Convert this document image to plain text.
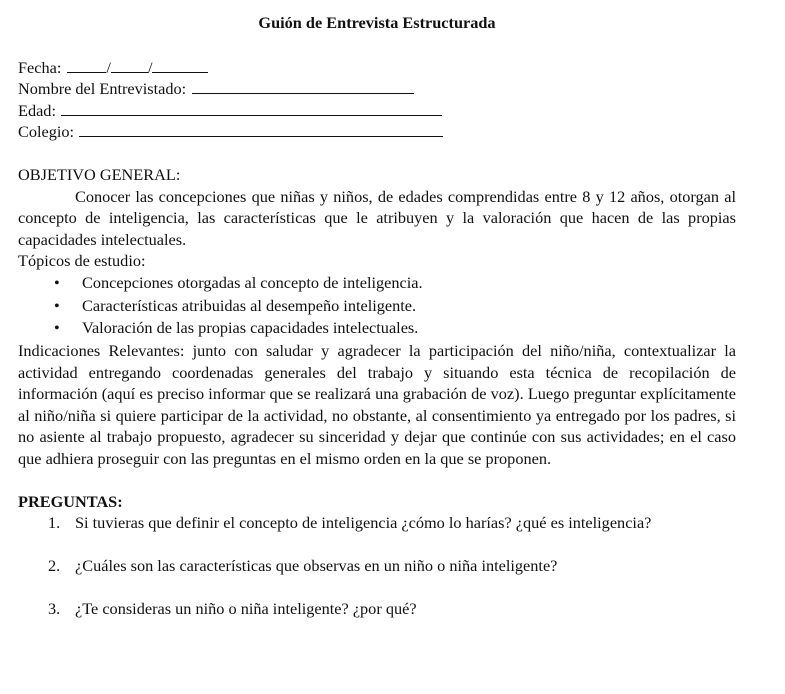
Guión de Entrevista Estructurada
Fecha:	/ /
Nombre del Entrevistado:
Edad:
Colegio:
OBJETIVO GENERAL:

Conocer las concepciones que niñas y niños, de edades comprendidas entre 8 y 12 años, otorgan al concepto de inteligencia, las características que le atribuyen y la valoración que hacen de las propias capacidades intelectuales.

Tópicos de estudio:
• Concepciones otorgadas al concepto de inteligencia.
• Características atribuidas al desempeño inteligente.
• Valoración de las propias capacidades intelectuales.

Indicaciones Relevantes: junto con saludar y agradecer la participación del niño/niña, contextualizar la actividad entregando coordenadas generales del trabajo y situando esta técnica de recopilación de información (aquí es preciso informar que se realizará una grabación de voz). Luego preguntar explícitamente al niño/niña si quiere participar de la actividad, no obstante, al consentimiento ya entregado por los padres, si no asiente al trabajo propuesto, agradecer su sinceridad y dejar que continúe con sus actividades; en el caso que adhiera proseguir con las preguntas en el mismo orden en la que se proponen.

PREGUNTAS:
1. Si tuvieras que definir el concepto de inteligencia ¿cómo lo harías? ¿qué es inteligencia?
2. ¿Cuáles son las características que observas en un niño o niña inteligente?
3. ¿Te consideras un niño o niña inteligente? ¿por qué?
